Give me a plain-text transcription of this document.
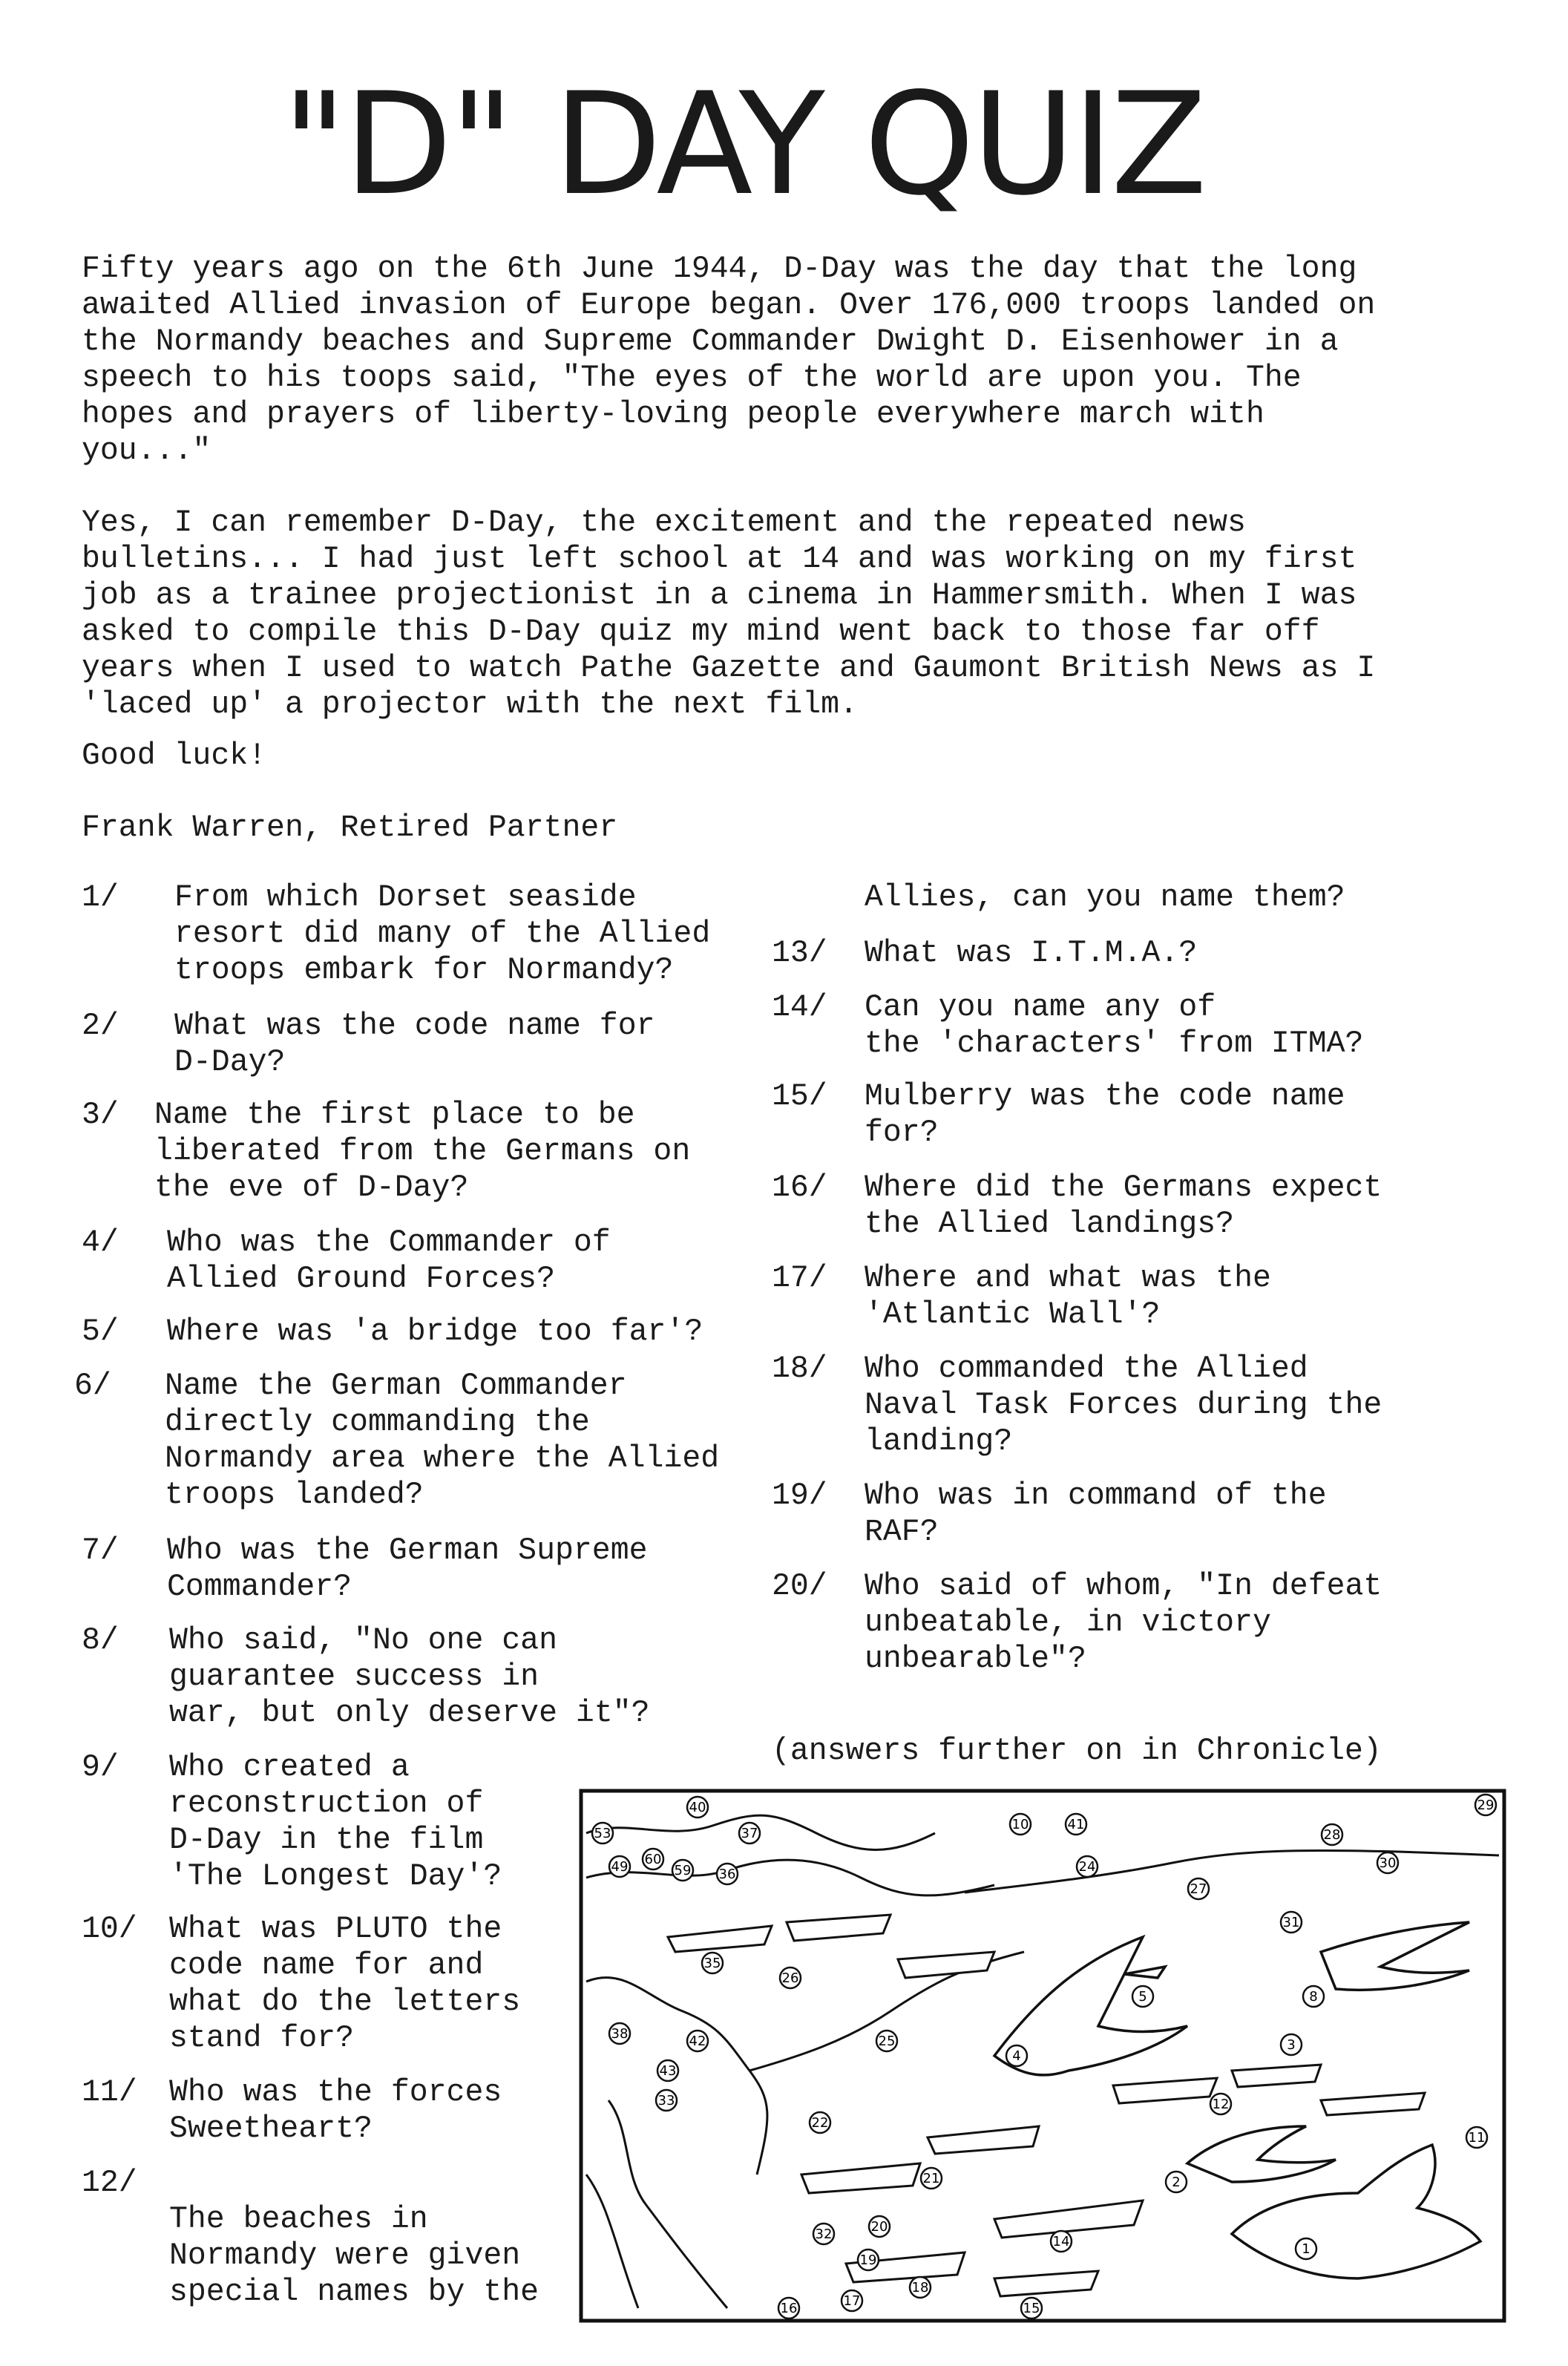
"D" DAY QUIZ

Fifty years ago on the 6th June 1944, D-Day was the day that the long
awaited Allied invasion of Europe began. Over 176,000 troops landed on
the Normandy beaches and Supreme Commander Dwight D. Eisenhower in a
speech to his toops said, "The eyes of the world are upon you. The
hopes and prayers of liberty-loving people everywhere march with
you..."

Yes, I can remember D-Day, the excitement and the repeated news
bulletins... I had just left school at 14 and was working on my first
job as a trainee projectionist in a cinema in Hammersmith. When I was
asked to compile this D-Day quiz my mind went back to those far off
years when I used to watch Pathe Gazette and Gaumont British News as I
'laced up' a projector with the next film.

Good luck!

Frank Warren, Retired Partner

1/	From which Dorset seaside
resort did many of the Allied
troops embark for Normandy?
2/	What was the code name for
D-Day?
3/	Name the first place to be
liberated from the Germans on
the eve of D-Day?
4/	Who was the Commander of
Allied Ground Forces?
5/	Where was 'a bridge too far'?
6/	Name the German Commander
directly commanding the
Normandy area where the Allied
troops landed?
7/	Who was the German Supreme
Commander?
8/	Who said, "No one can
guarantee success in
war, but only deserve it"?
9/	Who created a
reconstruction of
D-Day in the film
'The Longest Day'?
10/	What was PLUTO the
code name for and
what do the letters
stand for?
11/	Who was the forces
Sweetheart?
12/

The beaches in
Normandy were given
special names by the

Allies, can you name them?
13/	What was I.T.M.A.?
14/	Can you name any of
the 'characters' from ITMA?
15/	Mulberry was the code name
for?
16/	Where did the Germans expect
the Allied landings?
17/	Where and what was the
'Atlantic Wall'?
18/	Who commanded the Allied
Naval Task Forces during the
landing?
19/	Who was in command of the
RAF?
20/	Who said of whom, "In defeat
unbeatable, in victory
unbearable"?
(answers further on in Chronicle)
1
2
3
4
5	8
10
11
12
14
15
16	17
18
19
20
21
22
24
25
26
27
28
29
30
31
32
33
35
36
37
38
40
41
42
43
49
53
59
60
